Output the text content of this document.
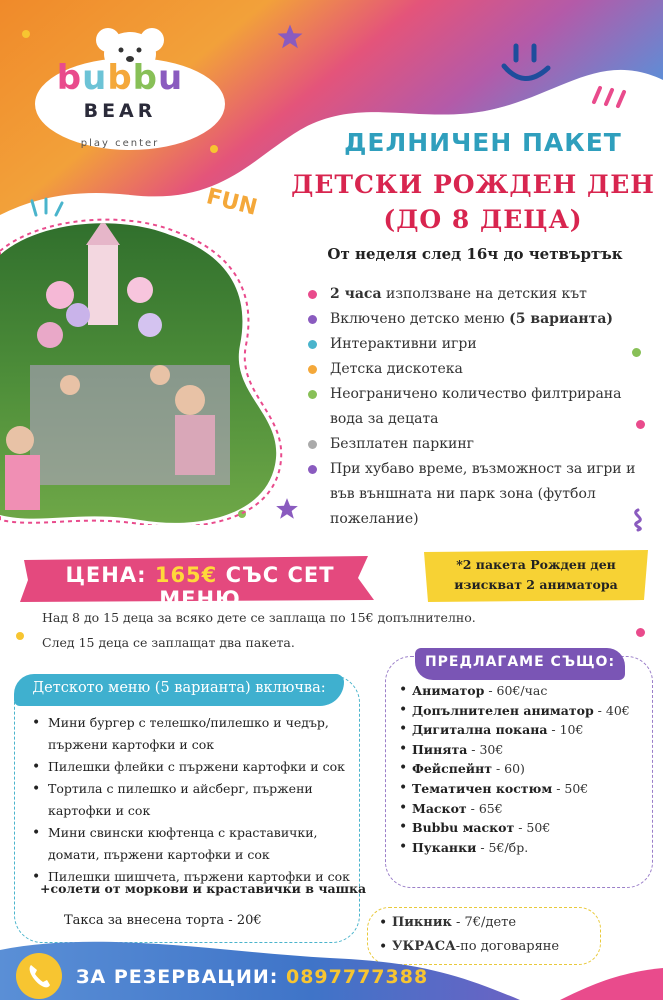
bubbu
BEAR
play center
FUN
ДЕЛНИЧЕН ПАКЕТ
ДЕТСКИ РОЖДЕН ДЕН
(ДО 8 ДЕЦА)
От неделя след 16ч до четвъртък
2 часа използване на детския кът
Включено детско меню (5 варианта)
Интерактивни игри
Детска дискотека
Неограничено количество филтрирана вода за децата
Безплатен паркинг
При хубаво време, възможност за игри и във външната ни парк зона (футбол пожелание)
ЦЕНА: 165€ СЪС СЕТ МЕНЮ
*2 пакета Рожден ден
изискват 2 аниматора
Над 8 до 15 деца за всяко дете се заплаща по 15€ допълнително.
След 15 деца се заплащат два пакета.
Детското меню (5 варианта) включва:
• Мини бургер с телешко/пилешко и чедър, пържени картофки и сок
• Пилешки флейки с пържени картофки и сок
• Тортила с пилешко и айсберг, пържени картофки и сок
• Мини свински кюфтенца с краставички, домати, пържени картофки и сок
• Пилешки шишчета, пържени картофки и сок
+солети от моркови и краставички в чашка
Такса за внесена торта - 20€
ПРЕДЛАГАМЕ СЪЩО:
• Аниматор - 60€/час
• Допълнителен аниматор - 40€
• Дигитална покана - 10€
• Пинята - 30€
• Фейспейнт - 60)
• Тематичен костюм - 50€
• Маскот - 65€
• Bubbu маскот - 50€
• Пуканки - 5€/бр.
• Пикник - 7€/дете
• УКРАСА-по договаряне
ЗА РЕЗЕРВАЦИИ: 0897777388
